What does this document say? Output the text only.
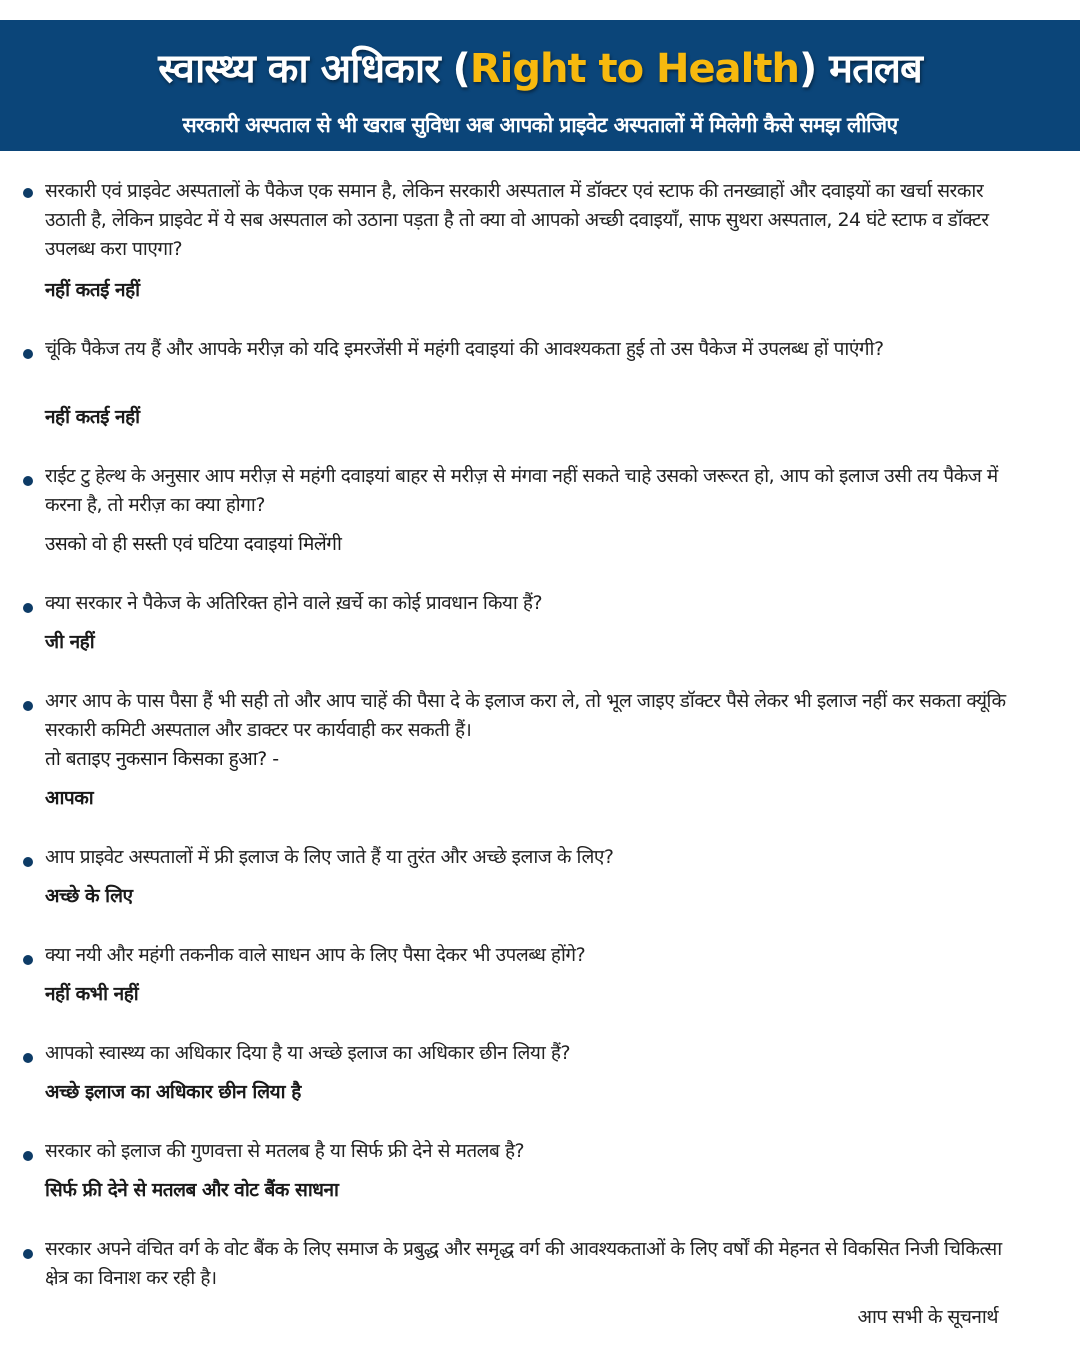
स्वास्थ्य का अधिकार (Right to Health) मतलब
सरकारी अस्पताल से भी खराब सुविधा अब आपको प्राइवेट अस्पतालों में मिलेगी कैसे समझ लीजिए
सरकारी एवं प्राइवेट अस्पतालों के पैकेज एक समान है, लेकिन सरकारी अस्पताल में डॉक्टर एवं स्टाफ की तनख्वाहों और दवाइयों का खर्चा सरकार उठाती है, लेकिन प्राइवेट में ये सब अस्पताल को उठाना पड़ता है तो क्या वो आपको अच्छी दवाइयाँ, साफ सुथरा अस्पताल, 24 घंटे स्टाफ व डॉक्टर उपलब्ध करा पाएगा?
नहीं कतई नहीं
चूंकि पैकेज तय हैं और आपके मरीज़ को यदि इमरजेंसी में महंगी दवाइयां की आवश्यकता हुई तो उस पैकेज में उपलब्ध हों पाएंगी?
नहीं कतई नहीं
राईट टु हेल्थ के अनुसार आप मरीज़ से महंगी दवाइयां बाहर से मरीज़ से मंगवा नहीं सकते चाहे उसको जरूरत हो, आप को इलाज उसी तय पैकेज में करना है, तो मरीज़ का क्या होगा?
उसको वो ही सस्ती एवं घटिया दवाइयां मिलेंगी
क्या सरकार ने पैकेज के अतिरिक्त होने वाले ख़र्चे का कोई प्रावधान किया हैं?
जी नहीं
अगर आप के पास पैसा हैं भी सही तो और आप चाहें की पैसा दे के इलाज करा ले, तो भूल जाइए डॉक्टर पैसे लेकर भी इलाज नहीं कर सकता क्यूंकि सरकारी कमिटी अस्पताल और डाक्टर पर कार्यवाही कर सकती हैं।
तो बताइए नुकसान किसका हुआ? -
आपका
आप प्राइवेट अस्पतालों में फ्री इलाज के लिए जाते हैं या तुरंत और अच्छे इलाज के लिए?
अच्छे के लिए
क्या नयी और महंगी तकनीक वाले साधन आप के लिए पैसा देकर भी उपलब्ध होंगे?
नहीं कभी नहीं
आपको स्वास्थ्य का अधिकार दिया है या अच्छे इलाज का अधिकार छीन लिया हैं?
अच्छे इलाज का अधिकार छीन लिया है
सरकार को इलाज की गुणवत्ता से मतलब है या सिर्फ फ्री देने से मतलब है?
सिर्फ फ्री देने से मतलब और वोट बैंक साधना
सरकार अपने वंचित वर्ग के वोट बैंक के लिए समाज के प्रबुद्ध और समृद्ध वर्ग की आवश्यकताओं के लिए वर्षों की मेहनत से विकसित निजी चिकित्सा क्षेत्र का विनाश कर रही है।
आप सभी के सूचनार्थ
